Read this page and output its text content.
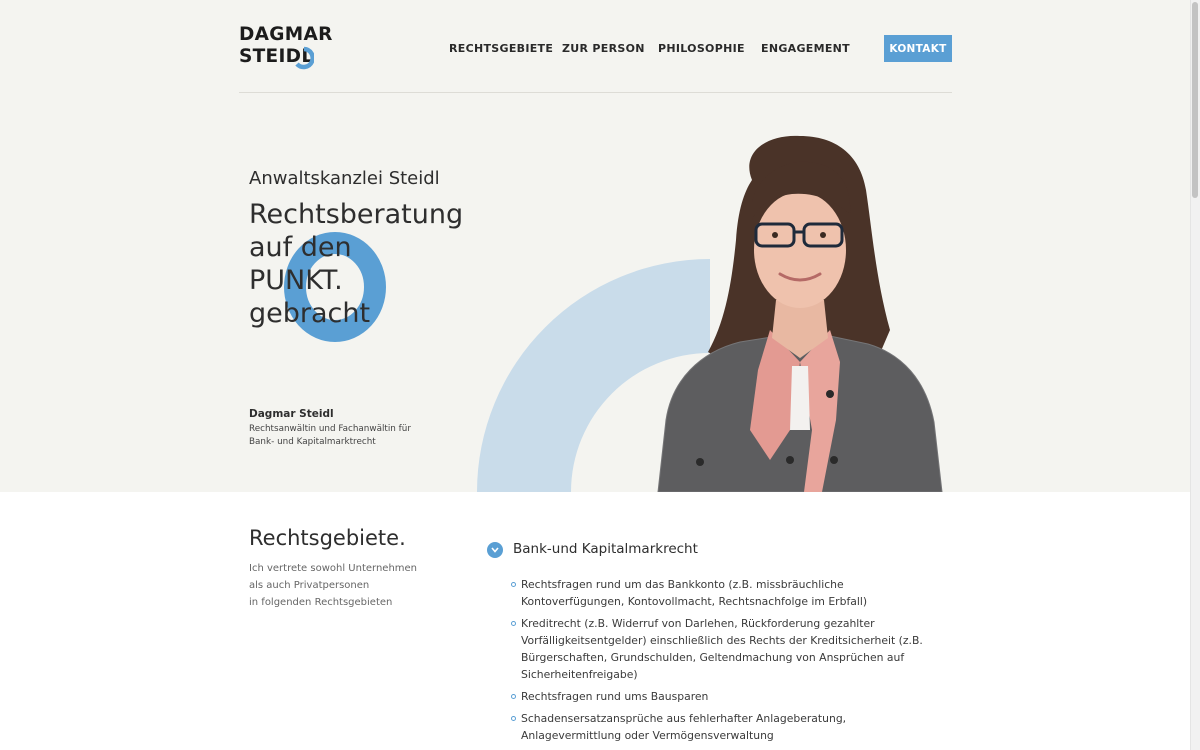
DAGMAR
STEIDL	RECHTSGEBIETE ZUR PERSON PHILOSOPHIE ENGAGEMENT	KONTAKT
Anwaltskanzlei Steidl
Rechtsberatung
auf den
PUNKT.
gebracht
Dagmar Steidl
Rechtsanwältin und Fachanwältin für
Bank- und Kapitalmarktrecht
Rechtsgebiete.
Ich vertrete sowohl Unternehmen
als auch Privatpersonen
in folgenden Rechtsgebieten
Bank-und Kapitalmarkrecht
Rechtsfragen rund um das Bankkonto (z.B. missbräuchliche Kontoverfügungen, Kontovollmacht, Rechtsnachfolge im Erbfall)
Kreditrecht (z.B. Widerruf von Darlehen, Rückforderung gezahlter Vorfälligkeitsentgelder) einschließlich des Rechts der Kreditsicherheit (z.B. Bürgerschaften, Grundschulden, Geltendmachung von Ansprüchen auf Sicherheitenfreigabe)
Rechtsfragen rund ums Bausparen
Schadensersatzansprüche aus fehlerhafter Anlageberatung, Anlagevermittlung oder Vermögensverwaltung
